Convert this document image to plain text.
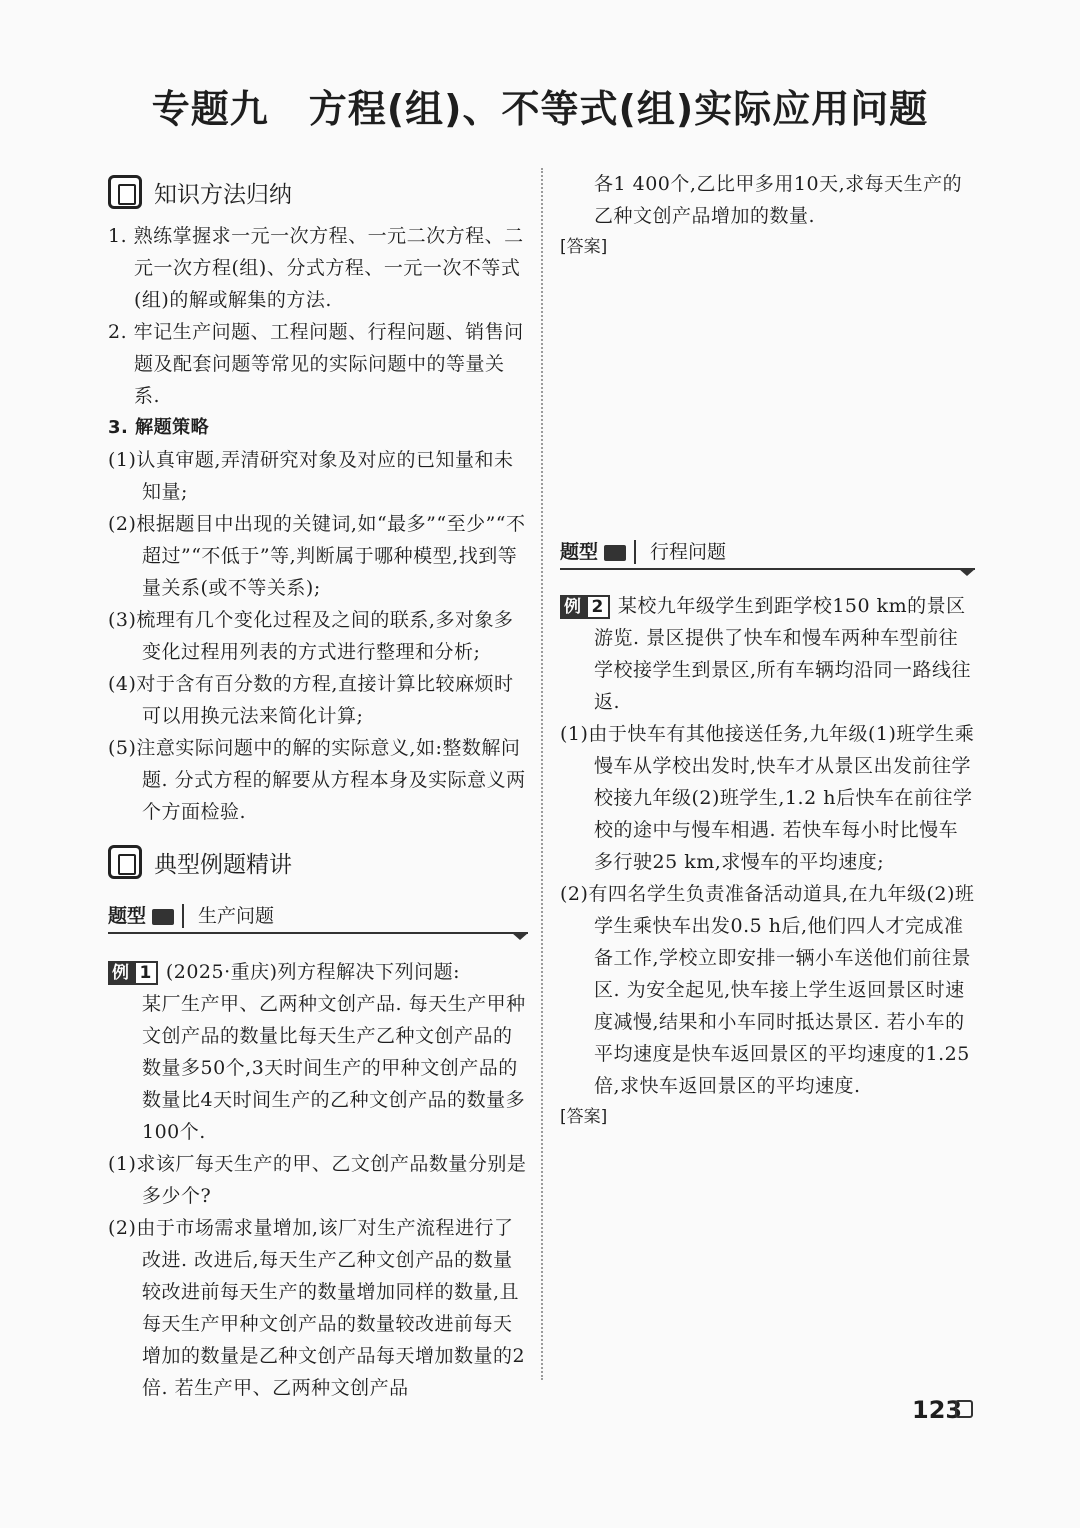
专题九 方程(组)、不等式(组)实际应用问题
知识方法归纳

1. 熟练掌握求一元一次方程、一元二次方程、二元一次方程(组)、分式方程、一元一次不等式(组)的解或解集的方法.

2. 牢记生产问题、工程问题、行程问题、销售问题及配套问题等常见的实际问题中的等量关系.

3. 解题策略

(1)认真审题,弄清研究对象及对应的已知量和未知量;

(2)根据题目中出现的关键词,如“最多”“至少”“不超过”“不低于”等,判断属于哪种模型,找到等量关系(或不等关系);

(3)梳理有几个变化过程及之间的联系,多对象多变化过程用列表的方式进行整理和分析;

(4)对于含有百分数的方程,直接计算比较麻烦时可以用换元法来简化计算;

(5)注意实际问题中的解的实际意义,如:整数解问题. 分式方程的解要从方程本身及实际意义两个方面检验.

典型例题精讲
题型	生产问题

例 1 (2025·重庆)列方程解决下列问题:

某厂生产甲、乙两种文创产品. 每天生产甲种文创产品的数量比每天生产乙种文创产品的数量多50个,3天时间生产的甲种文创产品的数量比4天时间生产的乙种文创产品的数量多100个.

(1)求该厂每天生产的甲、乙文创产品数量分别是多少个?

(2)由于市场需求量增加,该厂对生产流程进行了改进. 改进后,每天生产乙种文创产品的数量较改进前每天生产的数量增加同样的数量,且每天生产甲种文创产品的数量较改进前每天增加的数量是乙种文创产品每天增加数量的2倍. 若生产甲、乙两种文创产品

各1 400个,乙比甲多用10天,求每天生产的乙种文创产品增加的数量.

[答案]

题型	行程问题

例 2 某校九年级学生到距学校150 km的景区游览. 景区提供了快车和慢车两种车型前往学校接学生到景区,所有车辆均沿同一路线往返.

(1)由于快车有其他接送任务,九年级(1)班学生乘慢车从学校出发时,快车才从景区出发前往学校接九年级(2)班学生,1.2 h后快车在前往学校的途中与慢车相遇. 若快车每小时比慢车多行驶25 km,求慢车的平均速度;

(2)有四名学生负责准备活动道具,在九年级(2)班学生乘快车出发0.5 h后,他们四人才完成准备工作,学校立即安排一辆小车送他们前往景区. 为安全起见,快车接上学生返回景区时速度减慢,结果和小车同时抵达景区. 若小车的平均速度是快车返回景区的平均速度的1.25倍,求快车返回景区的平均速度.

[答案]

123
